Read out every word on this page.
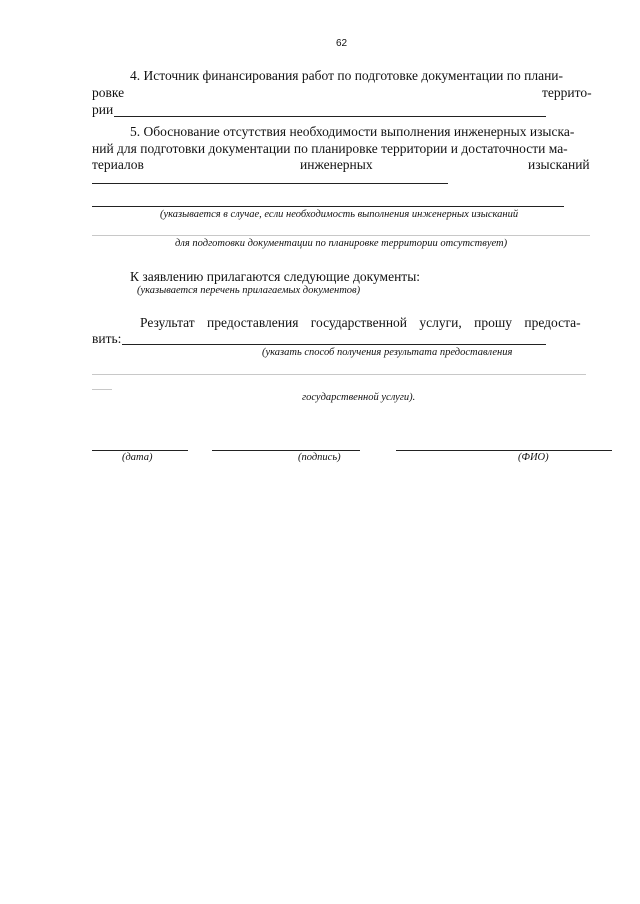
62
4. Источник финансирования работ по подготовке документации по плани-
ровке	террито-
рии
5. Обоснование отсутствия необходимости выполнения инженерных изыска-
ний для подготовки документации по планировке территории и достаточности ма-
териалов	инженерных	изысканий
(указывается в случае, если необходимость выполнения инженерных изысканий
для подготовки документации по планировке территории отсутствует)
К заявлению прилагаются следующие документы:
(указывается перечень прилагаемых документов)
Результат предоставления государственной услуги, прошу предоста-
вить:
(указать способ получения результата предоставления
государственной услуги).
(дата)	(подпись)	(ФИО)
